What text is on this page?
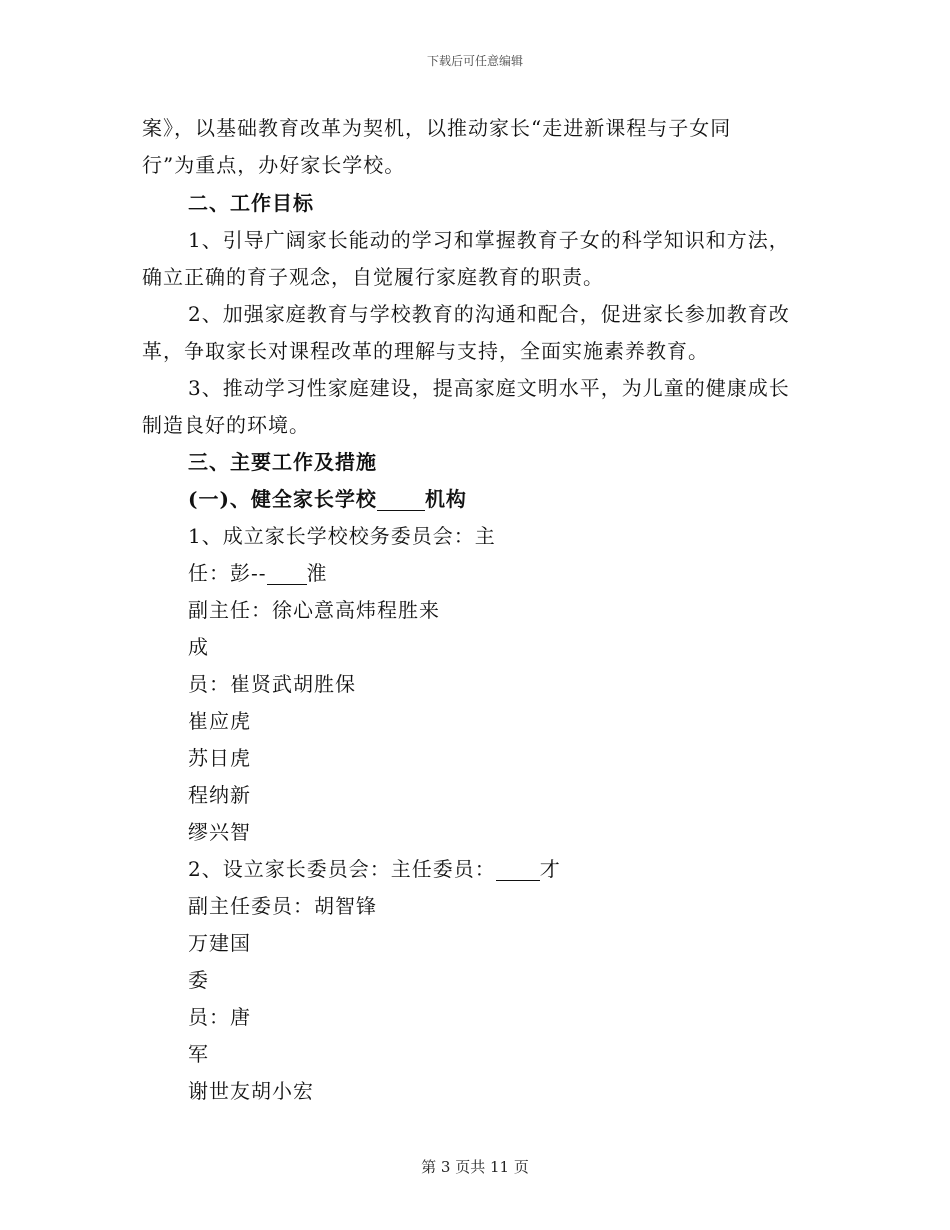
下载后可任意编辑
案》，以基础教育改革为契机，以推动家长“走进新课程与子女同
行”为重点，办好家长学校。
二、工作目标
1、引导广阔家长能动的学习和掌握教育子女的科学知识和方法，
确立正确的育子观念，自觉履行家庭教育的职责。
2、加强家庭教育与学校教育的沟通和配合，促进家长参加教育改
革，争取家长对课程改革的理解与支持，全面实施素养教育。
3、推动学习性家庭建设，提高家庭文明水平，为儿童的健康成长
制造良好的环境。
三、主要工作及措施
(一)、健全家长学校 机构
1、成立家长学校校务委员会：主
任：彭-- 淮
副主任：徐心意高炜程胜来
成
员：崔贤武胡胜保
崔应虎
苏日虎
程纳新
缪兴智
2、设立家长委员会：主任委员： 才
副主任委员：胡智锋
万建国
委
员：唐
军
谢世友胡小宏
第 3 页共 11 页
